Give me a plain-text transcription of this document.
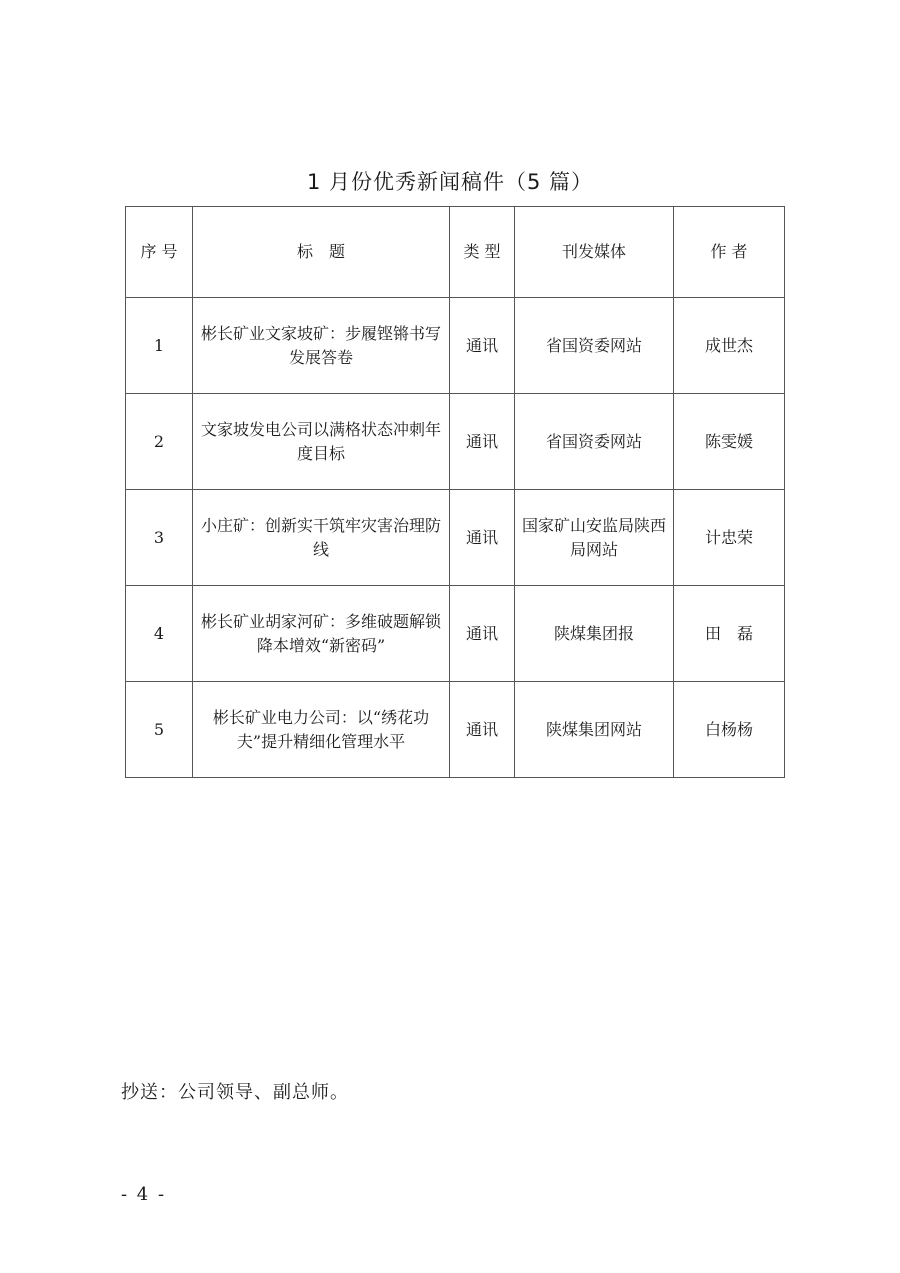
1 月份优秀新闻稿件（5 篇）
序 号	标　题	类 型	刊发媒体	作 者
1	彬长矿业文家坡矿：步履铿锵书写发展答卷	通讯	省国资委网站	成世杰
2	文家坡发电公司以满格状态冲刺年度目标	通讯	省国资委网站	陈雯媛
3	小庄矿：创新实干筑牢灾害治理防线	通讯	国家矿山安监局陕西局网站	计忠荣
4	彬长矿业胡家河矿：多维破题解锁降本增效“新密码”	通讯	陕煤集团报	田　磊
5	彬长矿业电力公司：以“绣花功夫”提升精细化管理水平	通讯	陕煤集团网站	白杨杨
抄送：公司领导、副总师。
- 4 -
